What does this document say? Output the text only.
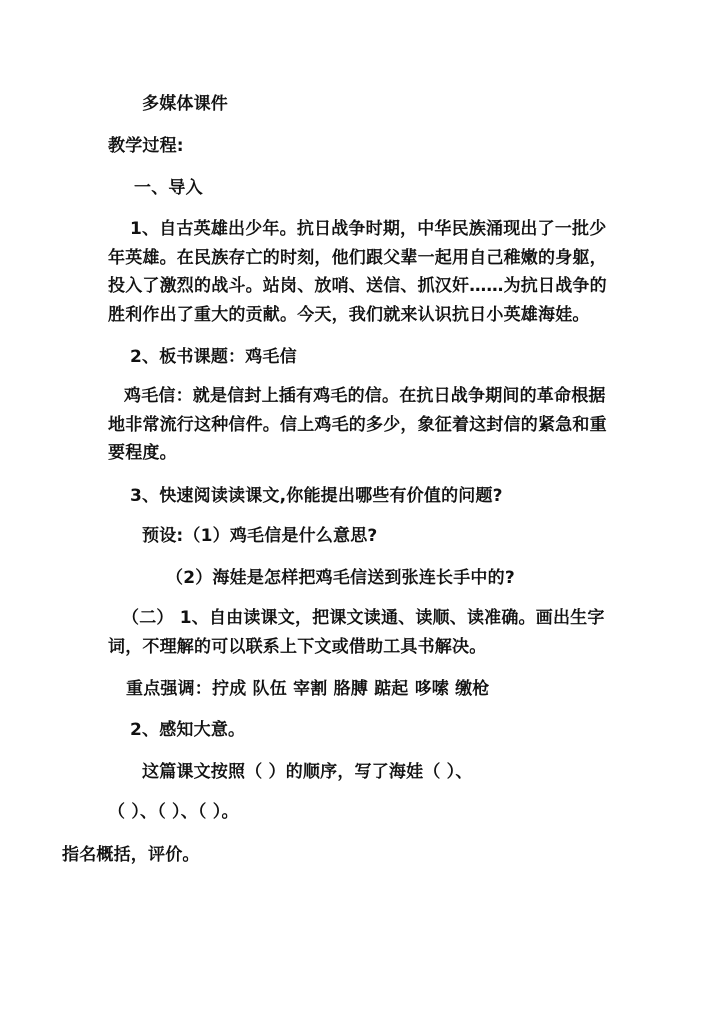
多媒体课件
教学过程:
一、导入
1、自古英雄出少年。抗日战争时期，中华民族涌现出了一批少
年英雄。在民族存亡的时刻，他们跟父辈一起用自己稚嫩的身躯，
投入了激烈的战斗。站岗、放哨、送信、抓汉奸……为抗日战争的
胜利作出了重大的贡献。今天，我们就来认识抗日小英雄海娃。
2、板书课题：鸡毛信
鸡毛信：就是信封上插有鸡毛的信。在抗日战争期间的革命根据
地非常流行这种信件。信上鸡毛的多少，象征着这封信的紧急和重
要程度。
3、快速阅读读课文,你能提出哪些有价值的问题?
预设:（1）鸡毛信是什么意思?
（2）海娃是怎样把鸡毛信送到张连长手中的?
（二） 1、自由读课文，把课文读通、读顺、读准确。画出生字
词，不理解的可以联系上下文或借助工具书解决。
重点强调：拧成 队伍 宰割 胳膊 踮起 哆嗦 缴枪
2、感知大意。
这篇课文按照（ ）的顺序，写了海娃（ ）、
（ ）、（ ）、（ ）。
指名概括，评价。
